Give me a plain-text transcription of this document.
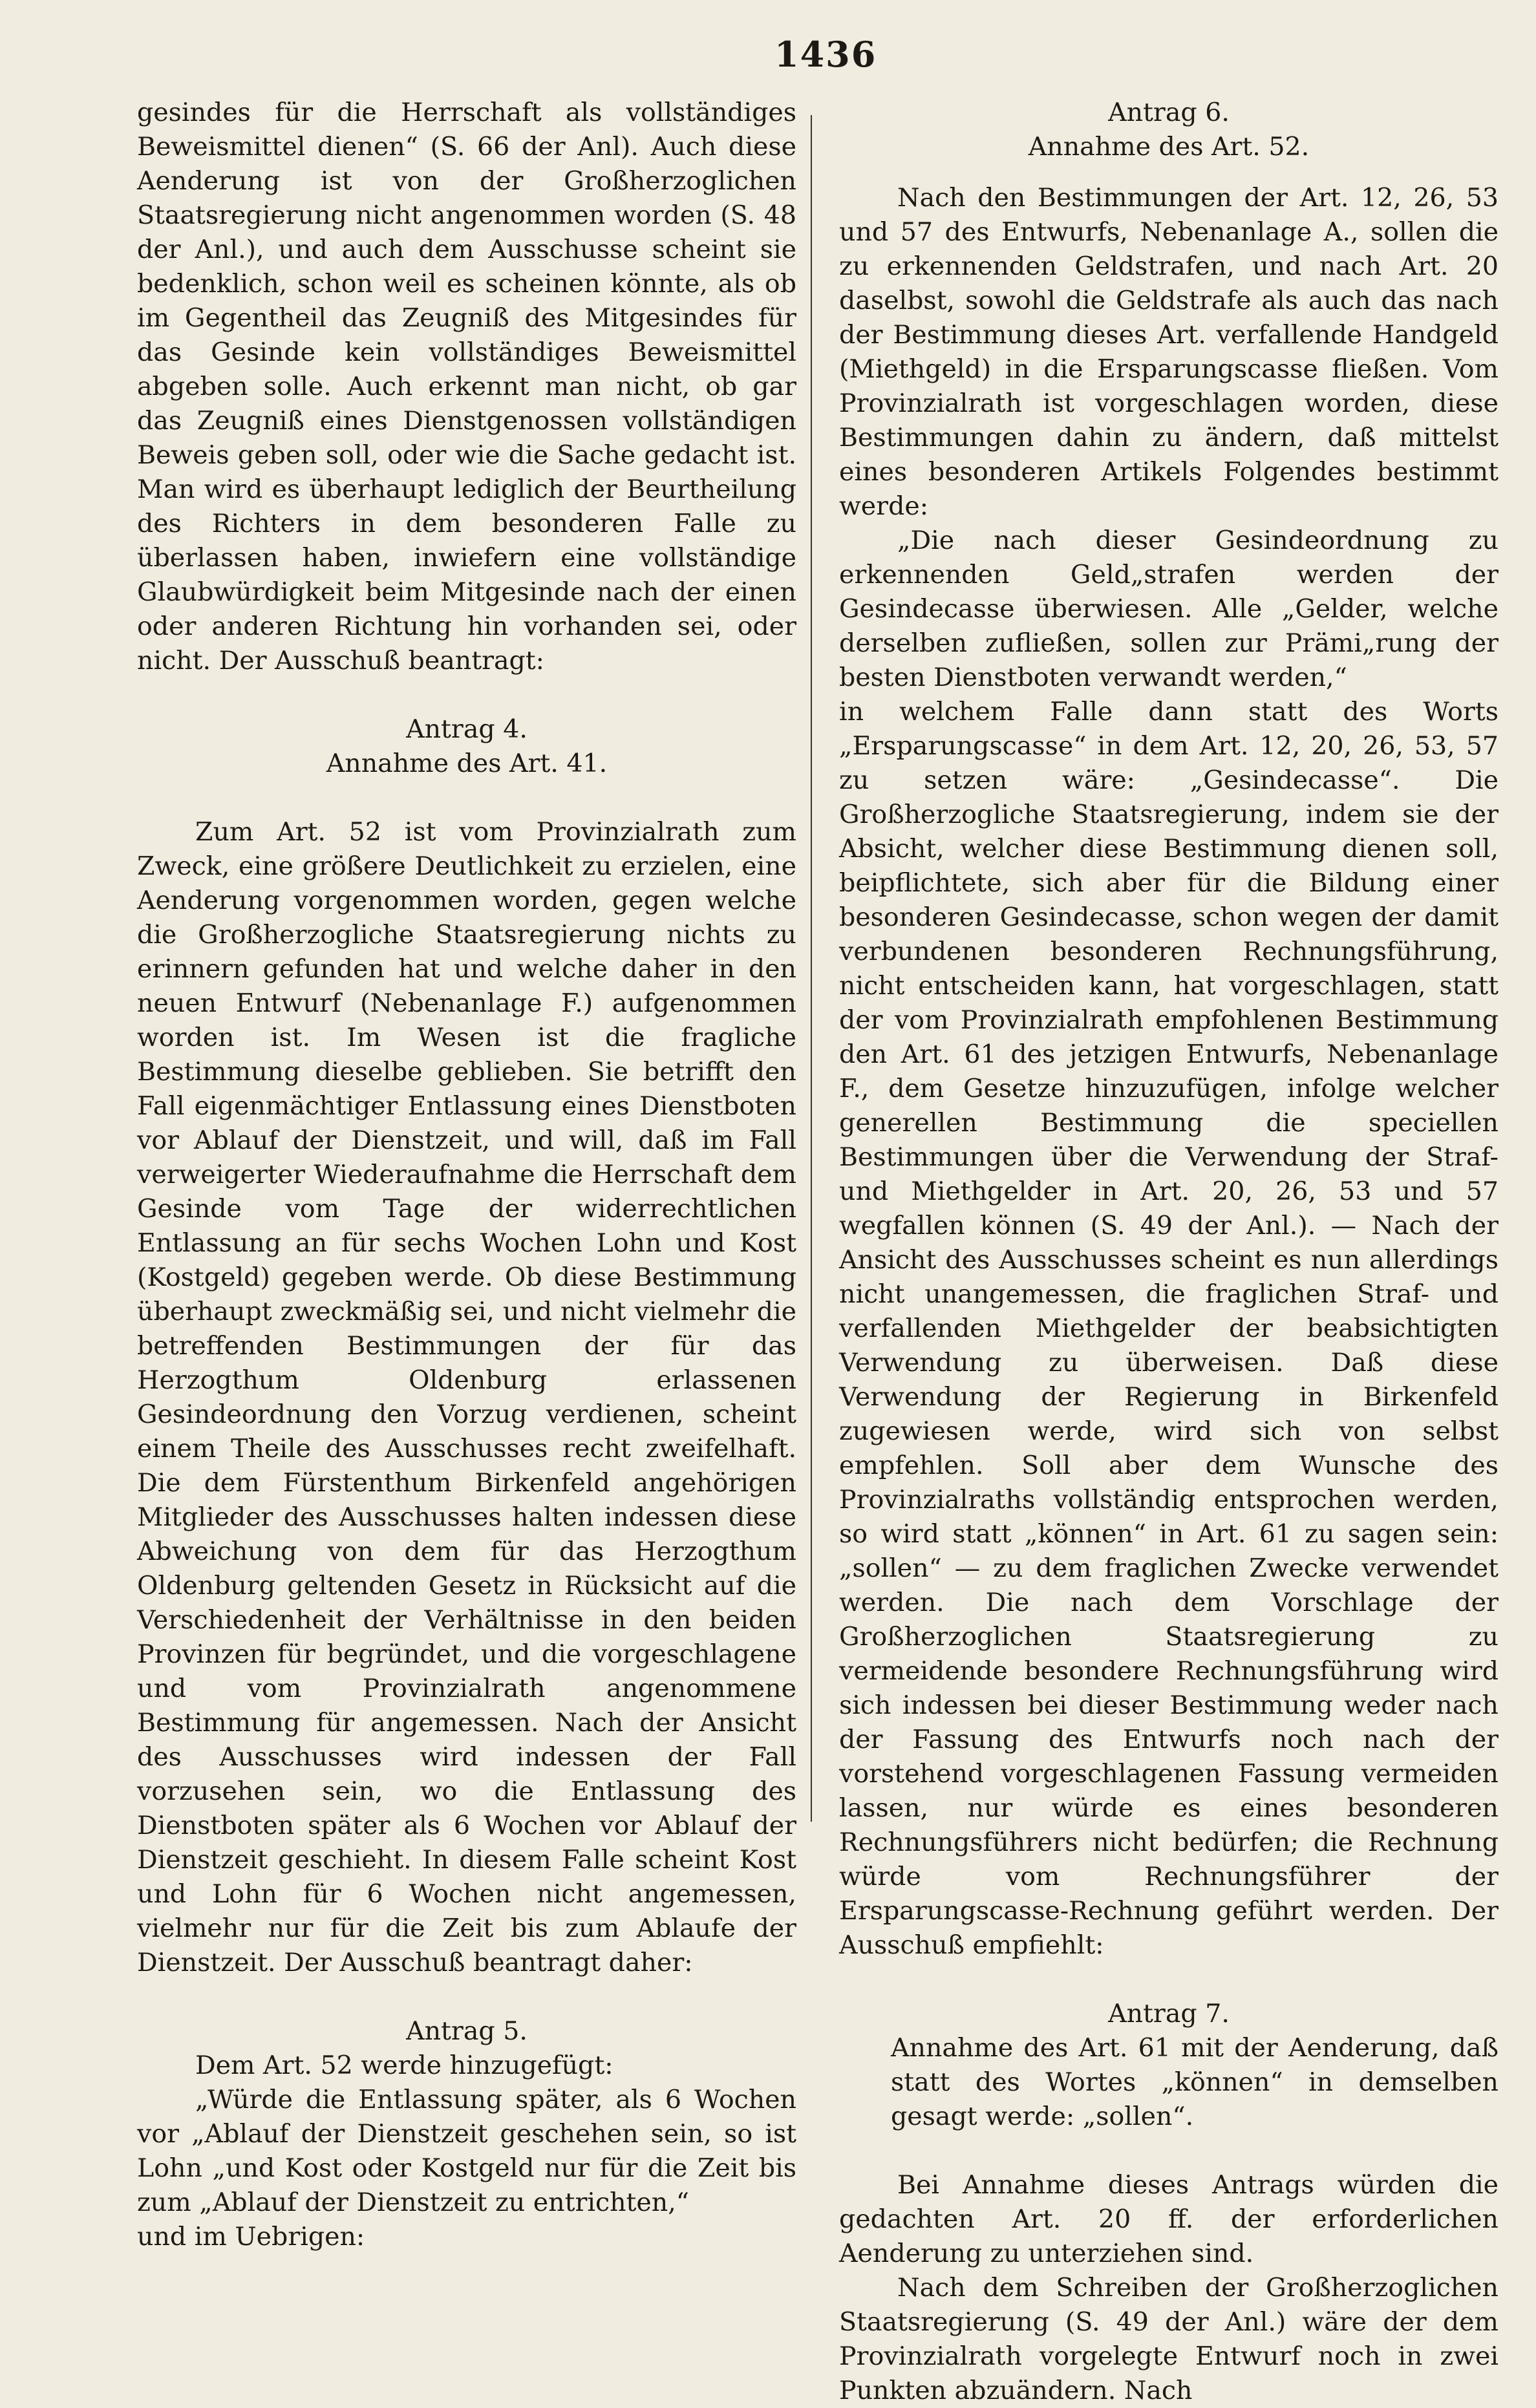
1436

gesindes für die Herrschaft als vollständiges Beweismittel dienen“ (S. 66 der Anl). Auch diese Aenderung ist von der Großherzoglichen Staatsregierung nicht angenommen worden (S. 48 der Anl.), und auch dem Ausschusse scheint sie bedenklich, schon weil es scheinen könnte, als ob im Gegentheil das Zeugniß des Mitgesindes für das Gesinde kein vollständiges Beweismittel abgeben solle. Auch erkennt man nicht, ob gar das Zeugniß eines Dienstgenossen vollständigen Beweis geben soll, oder wie die Sache gedacht ist. Man wird es überhaupt lediglich der Beurtheilung des Richters in dem besonderen Falle zu überlassen haben, inwiefern eine vollständige Glaubwürdigkeit beim Mitgesinde nach der einen oder anderen Richtung hin vorhanden sei, oder nicht. Der Ausschuß beantragt:

Antrag 4.

Annahme des Art. 41.

Zum Art. 52 ist vom Provinzialrath zum Zweck, eine größere Deutlichkeit zu erzielen, eine Aenderung vorgenommen worden, gegen welche die Großherzogliche Staatsregierung nichts zu erinnern gefunden hat und welche daher in den neuen Entwurf (Nebenanlage F.) aufgenommen worden ist. Im Wesen ist die fragliche Bestimmung dieselbe geblieben. Sie betrifft den Fall eigenmächtiger Entlassung eines Dienstboten vor Ablauf der Dienstzeit, und will, daß im Fall verweigerter Wiederaufnahme die Herrschaft dem Gesinde vom Tage der widerrechtlichen Entlassung an für sechs Wochen Lohn und Kost (Kostgeld) gegeben werde. Ob diese Bestimmung überhaupt zweckmäßig sei, und nicht vielmehr die betreffenden Bestimmungen der für das Herzogthum Oldenburg erlassenen Gesindeordnung den Vorzug verdienen, scheint einem Theile des Ausschusses recht zweifelhaft. Die dem Fürstenthum Birkenfeld angehörigen Mitglieder des Ausschusses halten indessen diese Abweichung von dem für das Herzogthum Oldenburg geltenden Gesetz in Rücksicht auf die Verschiedenheit der Verhältnisse in den beiden Provinzen für begründet, und die vorgeschlagene und vom Provinzialrath angenommene Bestimmung für angemessen. Nach der Ansicht des Ausschusses wird indessen der Fall vorzusehen sein, wo die Entlassung des Dienstboten später als 6 Wochen vor Ablauf der Dienstzeit geschieht. In diesem Falle scheint Kost und Lohn für 6 Wochen nicht angemessen, vielmehr nur für die Zeit bis zum Ablaufe der Dienstzeit. Der Ausschuß beantragt daher:

Antrag 5.

Dem Art. 52 werde hinzugefügt:

„Würde die Entlassung später, als 6 Wochen vor „Ablauf der Dienstzeit geschehen sein, so ist Lohn „und Kost oder Kostgeld nur für die Zeit bis zum „Ablauf der Dienstzeit zu entrichten,“

und im Uebrigen:

Antrag 6.

Annahme des Art. 52.

Nach den Bestimmungen der Art. 12, 26, 53 und 57 des Entwurfs, Nebenanlage A., sollen die zu erkennenden Geldstrafen, und nach Art. 20 daselbst, sowohl die Geldstrafe als auch das nach der Bestimmung dieses Art. verfallende Handgeld (Miethgeld) in die Ersparungscasse fließen. Vom Provinzialrath ist vorgeschlagen worden, diese Bestimmungen dahin zu ändern, daß mittelst eines besonderen Artikels Folgendes bestimmt werde:

„Die nach dieser Gesindeordnung zu erkennenden Geld„strafen werden der Gesindecasse überwiesen. Alle „Gelder, welche derselben zufließen, sollen zur Prämi„rung der besten Dienstboten verwandt werden,“

in welchem Falle dann statt des Worts „Ersparungscasse“ in dem Art. 12, 20, 26, 53, 57 zu setzen wäre: „Gesindecasse“. Die Großherzogliche Staatsregierung, indem sie der Absicht, welcher diese Bestimmung dienen soll, beipflichtete, sich aber für die Bildung einer besonderen Gesindecasse, schon wegen der damit verbundenen besonderen Rechnungsführung, nicht entscheiden kann, hat vorgeschlagen, statt der vom Provinzialrath empfohlenen Bestimmung den Art. 61 des jetzigen Entwurfs, Nebenanlage F., dem Gesetze hinzuzufügen, infolge welcher generellen Bestimmung die speciellen Bestimmungen über die Verwendung der Straf- und Miethgelder in Art. 20, 26, 53 und 57 wegfallen können (S. 49 der Anl.). — Nach der Ansicht des Ausschusses scheint es nun allerdings nicht unangemessen, die fraglichen Straf- und verfallenden Miethgelder der beabsichtigten Verwendung zu überweisen. Daß diese Verwendung der Regierung in Birkenfeld zugewiesen werde, wird sich von selbst empfehlen. Soll aber dem Wunsche des Provinzialraths vollständig entsprochen werden, so wird statt „können“ in Art. 61 zu sagen sein: „sollen“ — zu dem fraglichen Zwecke verwendet werden. Die nach dem Vorschlage der Großherzoglichen Staatsregierung zu vermeidende besondere Rechnungsführung wird sich indessen bei dieser Bestimmung weder nach der Fassung des Entwurfs noch nach der vorstehend vorgeschlagenen Fassung vermeiden lassen, nur würde es eines besonderen Rechnungsführers nicht bedürfen; die Rechnung würde vom Rechnungsführer der Ersparungscasse-Rechnung geführt werden. Der Ausschuß empfiehlt:

Antrag 7.

Annahme des Art. 61 mit der Aenderung, daß statt des Wortes „können“ in demselben gesagt werde: „sollen“.

Bei Annahme dieses Antrags würden die gedachten Art. 20 ff. der erforderlichen Aenderung zu unterziehen sind.

Nach dem Schreiben der Großherzoglichen Staatsregierung (S. 49 der Anl.) wäre der dem Provinzialrath vorgelegte Entwurf noch in zwei Punkten abzuändern. Nach
